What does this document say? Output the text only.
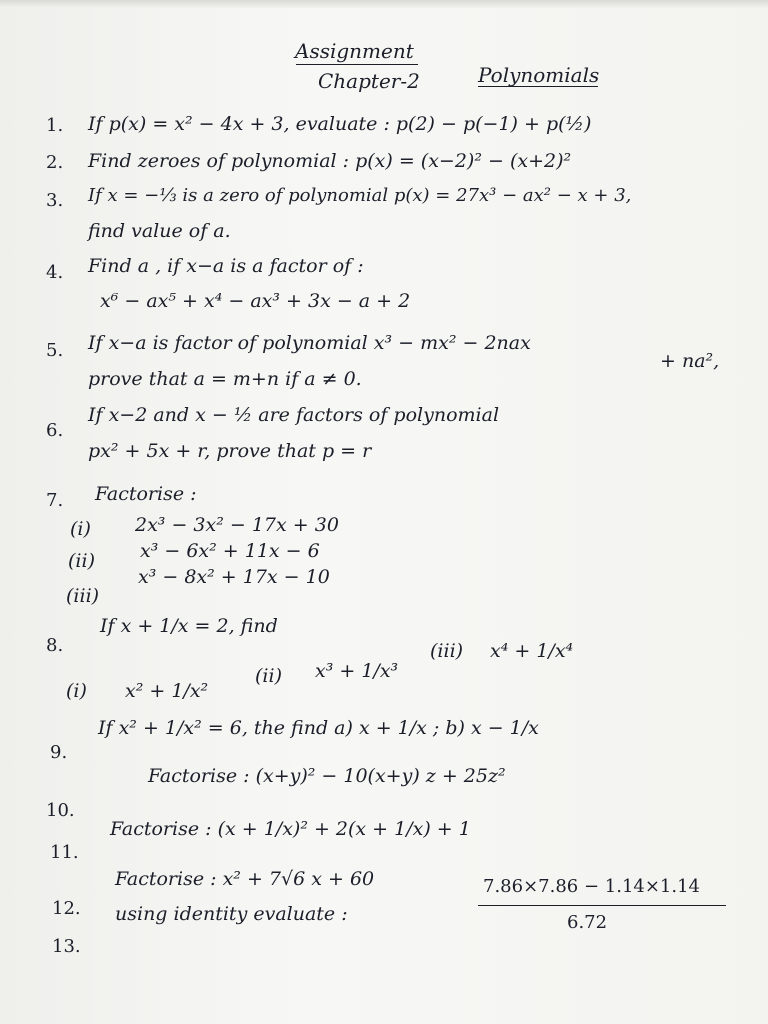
Assignment
Chapter-2	Polynomials
1. If p(x) = x² − 4x + 3, evaluate : p(2) − p(−1) + p(½)
2. Find zeroes of polynomial : p(x) = (x−2)² − (x+2)²
3. If x = −⅓ is a zero of polynomial p(x) = 27x³ − ax² − x + 3,
find value of a.
4. Find a , if x−a is a factor of :
x⁶ − ax⁵ + x⁴ − ax³ + 3x − a + 2
5. If x−a is factor of polynomial x³ − mx² − 2nax
+ na²,
prove that a = m+n if a ≠ 0.
6.
If x−2 and x − ½ are factors of polynomial
px² + 5x + r, prove that p = r
7. Factorise :
(i) 2x³ − 3x² − 17x + 30
(ii) x³ − 6x² + 11x − 6
(iii)
x³ − 8x² + 17x − 10
8.
If x + 1/x = 2, find
(i) x² + 1/x²
(ii) x³ + 1/x³
(iii) x⁴ + 1/x⁴
9.
If x² + 1/x² = 6, the find a) x + 1/x ; b) x − 1/x
10.
Factorise : (x+y)² − 10(x+y) z + 25z²
11.
Factorise : (x + 1/x)² + 2(x + 1/x) + 1
12.
Factorise : x² + 7√6 x + 60
13.
using identity evaluate :
7.86×7.86 − 1.14×1.14
6.72
